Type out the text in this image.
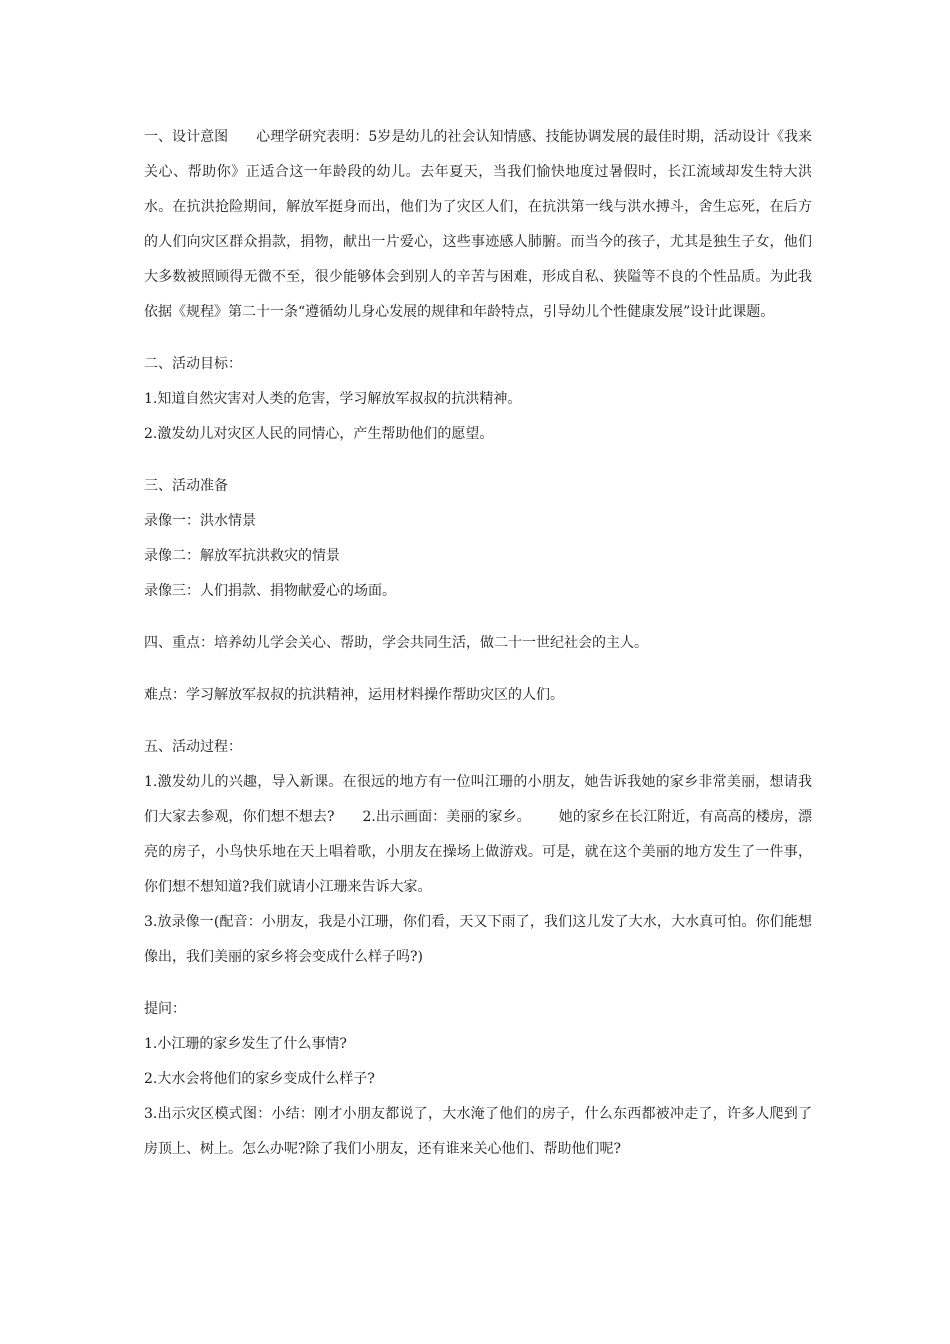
一、设计意图 心理学研究表明：5岁是幼儿的社会认知情感、技能协调发展的最佳时期，活动设计《我来关心、帮助你》正适合这一年龄段的幼儿。去年夏天，当我们愉快地度过暑假时，长江流域却发生特大洪水。在抗洪抢险期间，解放军挺身而出，他们为了灾区人们，在抗洪第一线与洪水搏斗，舍生忘死，在后方的人们向灾区群众捐款，捐物，献出一片爱心，这些事迹感人肺腑。而当今的孩子，尤其是独生子女，他们大多数被照顾得无微不至，很少能够体会到别人的辛苦与困难，形成自私、狭隘等不良的个性品质。为此我依据《规程》第二十一条“遵循幼儿身心发展的规律和年龄特点，引导幼儿个性健康发展”设计此课题。

二、活动目标：

1.知道自然灾害对人类的危害，学习解放军叔叔的抗洪精神。

2.激发幼儿对灾区人民的同情心，产生帮助他们的愿望。

三、活动准备

录像一：洪水情景

录像二：解放军抗洪救灾的情景

录像三：人们捐款、捐物献爱心的场面。

四、重点：培养幼儿学会关心、帮助，学会共同生活，做二十一世纪社会的主人。

难点：学习解放军叔叔的抗洪精神，运用材料操作帮助灾区的人们。

五、活动过程：

1.激发幼儿的兴趣，导入新课。在很远的地方有一位叫江珊的小朋友，她告诉我她的家乡非常美丽，想请我们大家去参观，你们想不想去? 2.出示画面：美丽的家乡。 她的家乡在长江附近，有高高的楼房，漂亮的房子，小鸟快乐地在天上唱着歌，小朋友在操场上做游戏。可是，就在这个美丽的地方发生了一件事，你们想不想知道?我们就请小江珊来告诉大家。

3.放录像一(配音：小朋友，我是小江珊，你们看，天又下雨了，我们这儿发了大水，大水真可怕。你们能想像出，我们美丽的家乡将会变成什么样子吗?)

提问：

1.小江珊的家乡发生了什么事情?

2.大水会将他们的家乡变成什么样子?

3.出示灾区模式图：小结：刚才小朋友都说了，大水淹了他们的房子，什么东西都被冲走了，许多人爬到了房顶上、树上。怎么办呢?除了我们小朋友，还有谁来关心他们、帮助他们呢?
